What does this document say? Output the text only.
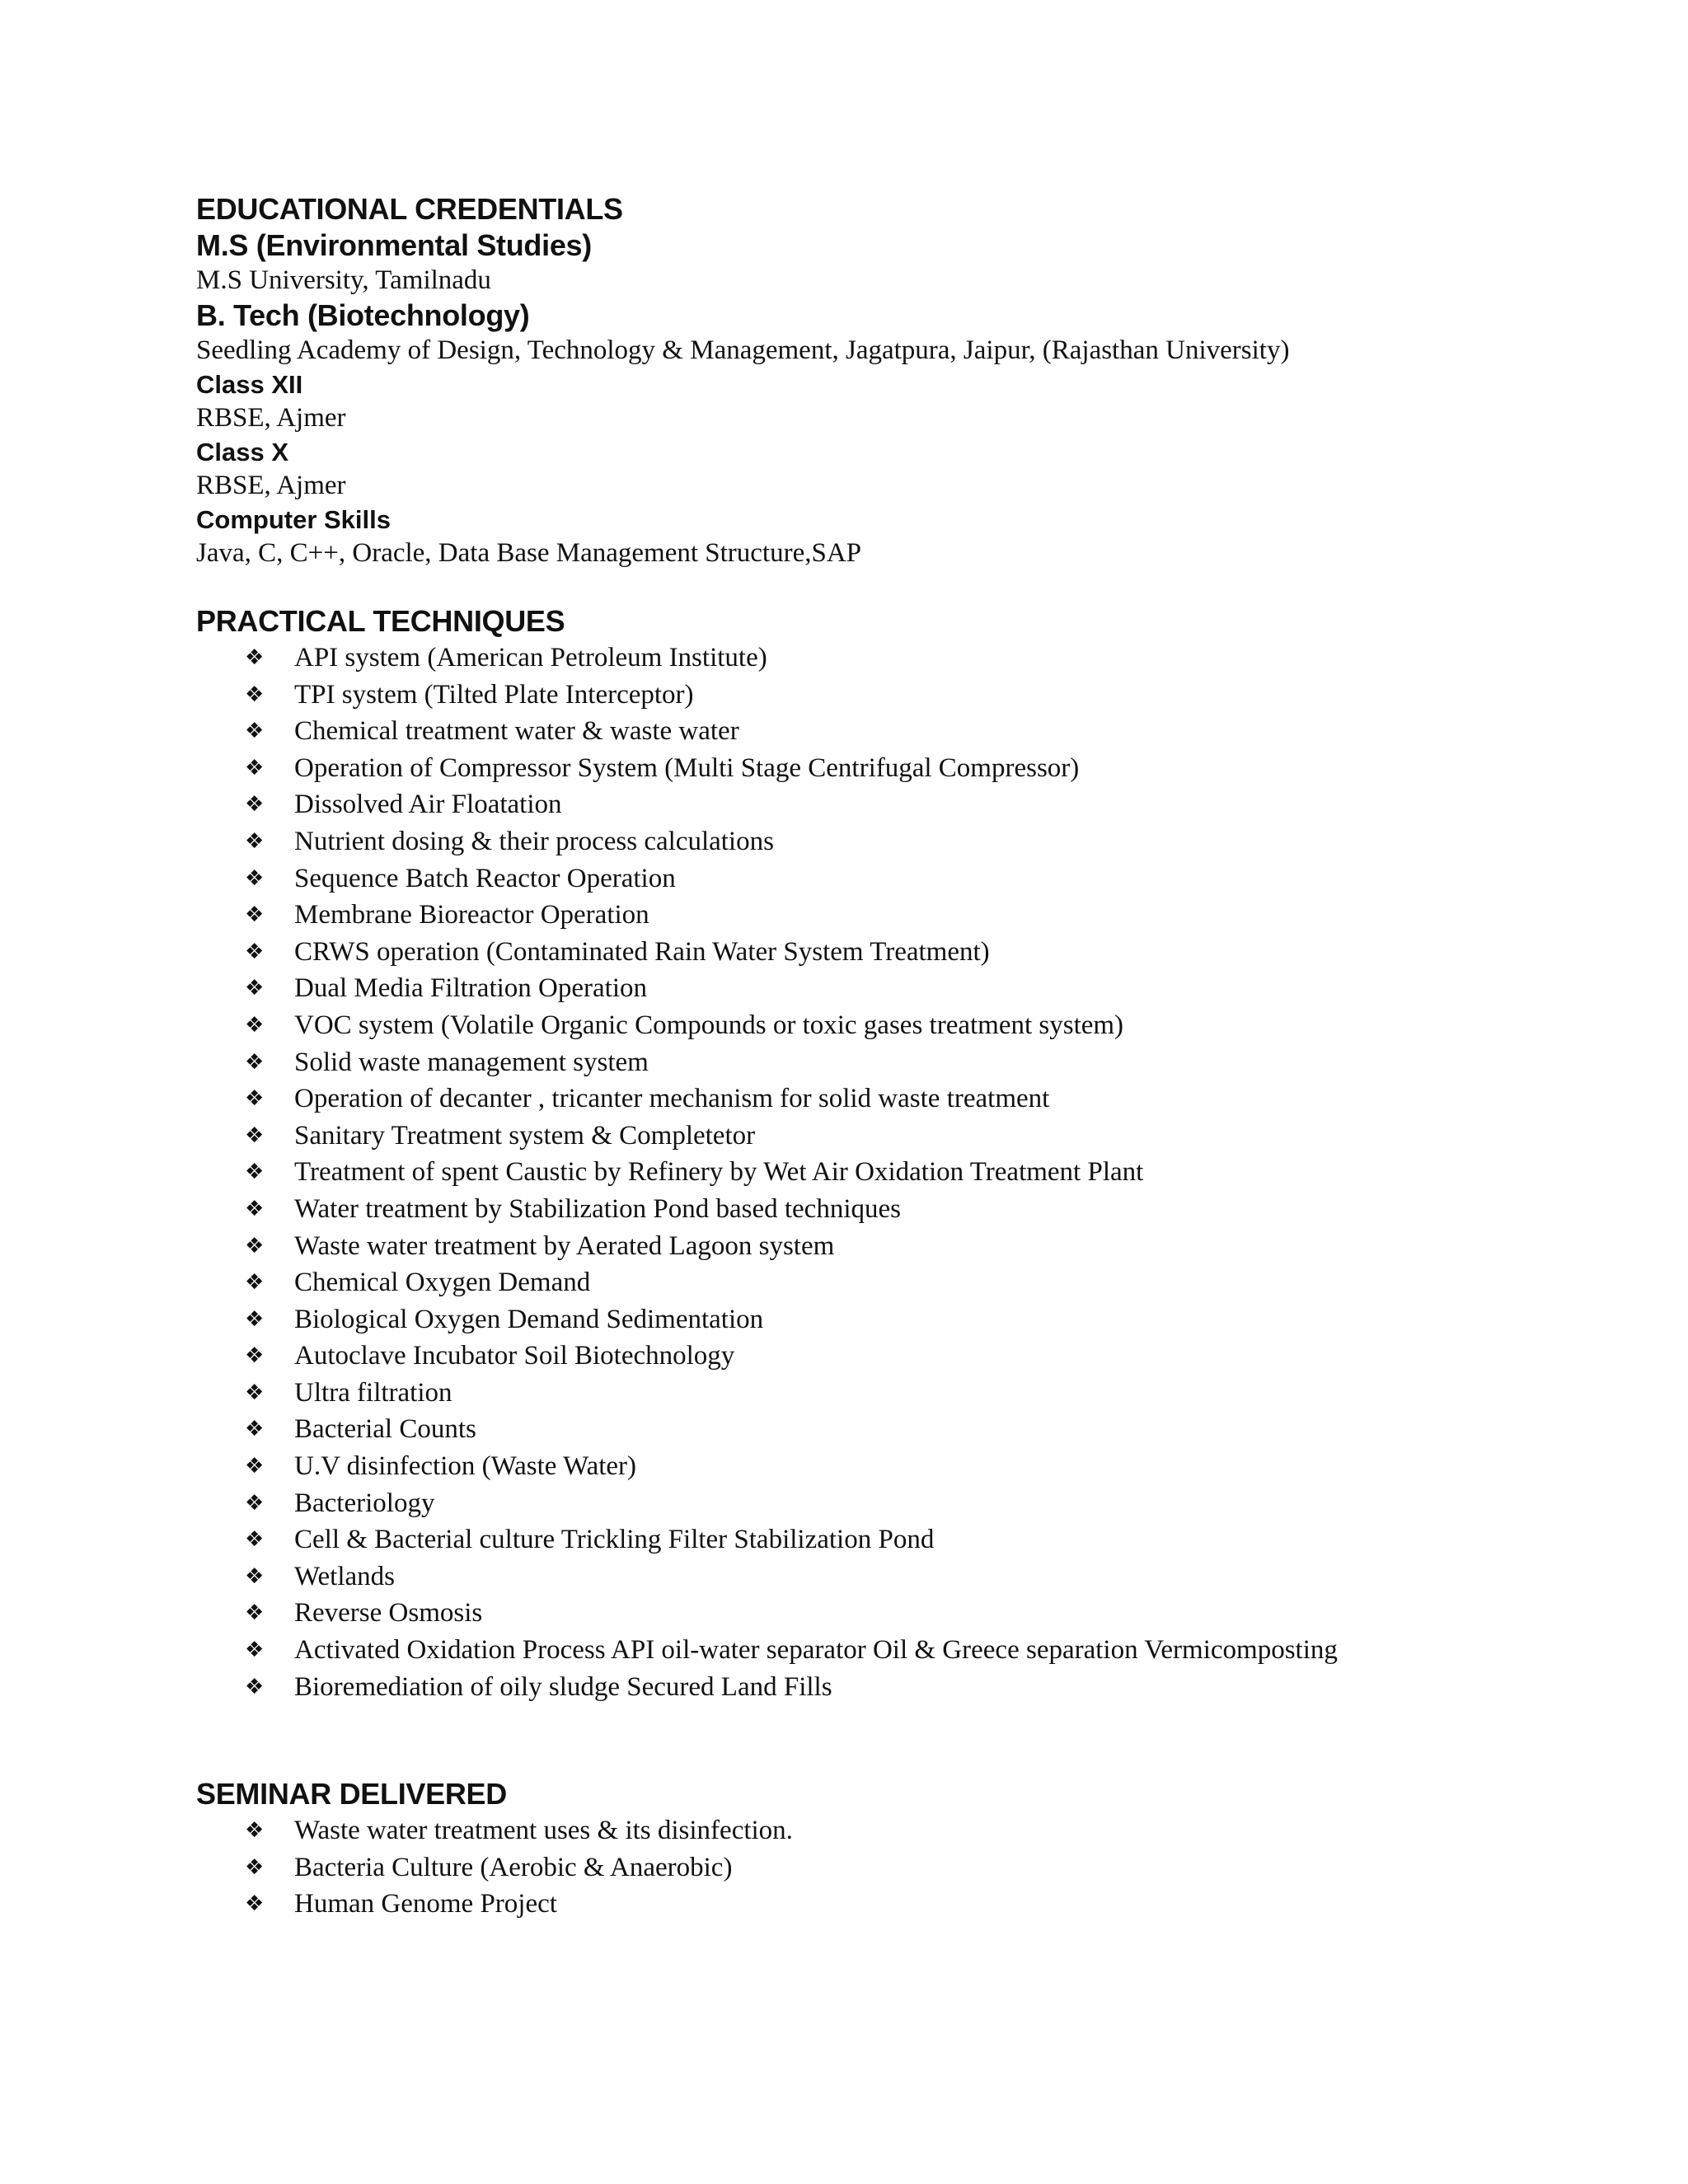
EDUCATIONAL CREDENTIALS

M.S (Environmental Studies)

M.S University, Tamilnadu

B. Tech (Biotechnology)

Seedling Academy of Design, Technology & Management, Jagatpura, Jaipur, (Rajasthan University)

Class XII

RBSE, Ajmer

Class X

RBSE, Ajmer

Computer Skills

Java, C, C++, Oracle, Data Base Management Structure,SAP

PRACTICAL TECHNIQUES
❖ API system (American Petroleum Institute)
❖ TPI system (Tilted Plate Interceptor)
❖ Chemical treatment water & waste water
❖ Operation of Compressor System (Multi Stage Centrifugal Compressor)
❖ Dissolved Air Floatation
❖ Nutrient dosing & their process calculations
❖ Sequence Batch Reactor Operation
❖ Membrane Bioreactor Operation
❖ CRWS operation (Contaminated Rain Water System Treatment)
❖ Dual Media Filtration Operation
❖ VOC system (Volatile Organic Compounds or toxic gases treatment system)
❖ Solid waste management system
❖ Operation of decanter , tricanter mechanism for solid waste treatment
❖ Sanitary Treatment system & Completetor
❖ Treatment of spent Caustic by Refinery by Wet Air Oxidation Treatment Plant
❖ Water treatment by Stabilization Pond based techniques
❖ Waste water treatment by Aerated Lagoon system
❖ Chemical Oxygen Demand
❖ Biological Oxygen Demand Sedimentation
❖ Autoclave Incubator Soil Biotechnology
❖ Ultra filtration
❖ Bacterial Counts
❖ U.V disinfection (Waste Water)
❖ Bacteriology
❖ Cell & Bacterial culture Trickling Filter Stabilization Pond
❖ Wetlands
❖ Reverse Osmosis
❖ Activated Oxidation Process API oil-water separator Oil & Greece separation Vermicomposting
❖ Bioremediation of oily sludge Secured Land Fills
SEMINAR DELIVERED
❖ Waste water treatment uses & its disinfection.
❖ Bacteria Culture (Aerobic & Anaerobic)
❖ Human Genome Project
